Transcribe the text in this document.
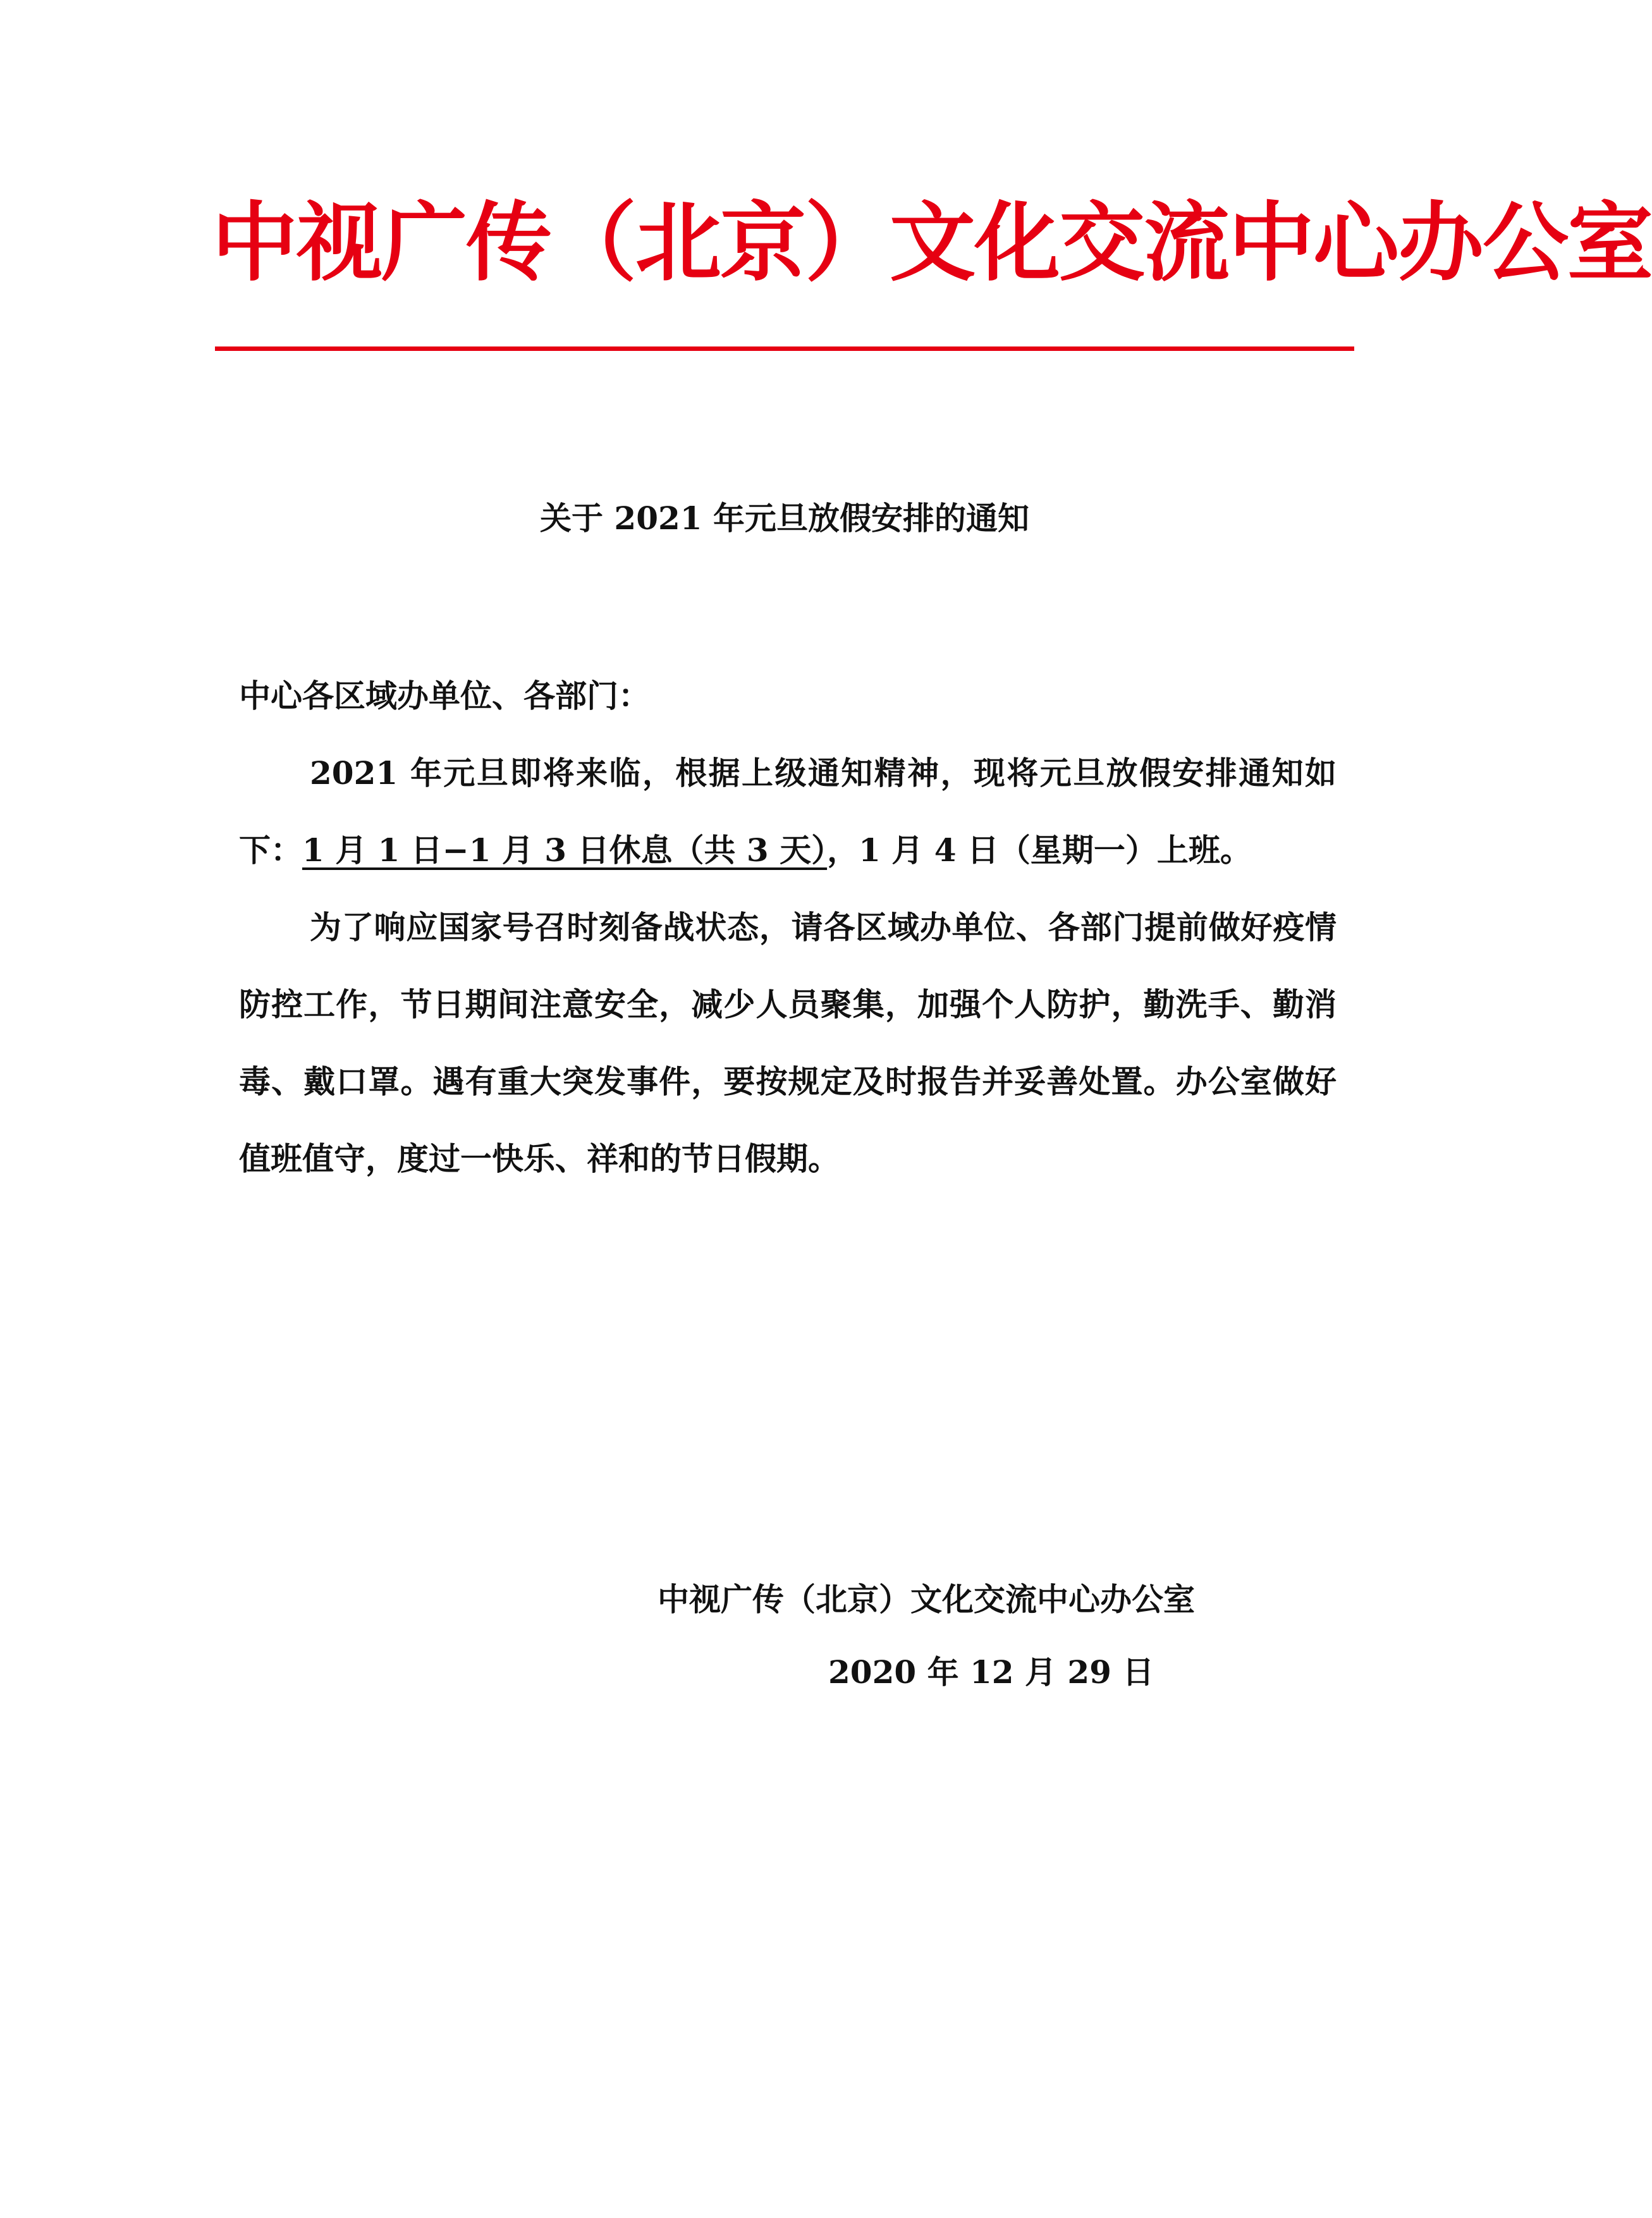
中视广传（北京）文化交流中心办公室
关于 2021 年元旦放假安排的通知

中心各区域办单位、各部门：

2021 年元旦即将来临，根据上级通知精神，现将元旦放假安排通知如下：1 月 1 日−1 月 3 日休息（共 3 天），1 月 4 日（星期一）上班。

为了响应国家号召时刻备战状态，请各区域办单位、各部门提前做好疫情防控工作，节日期间注意安全，减少人员聚集，加强个人防护，勤洗手、勤消毒、戴口罩。遇有重大突发事件，要按规定及时报告并妥善处置。办公室做好值班值守，度过一快乐、祥和的节日假期。

中视广传（北京）文化交流中心办公室
2020 年 12 月 29 日
